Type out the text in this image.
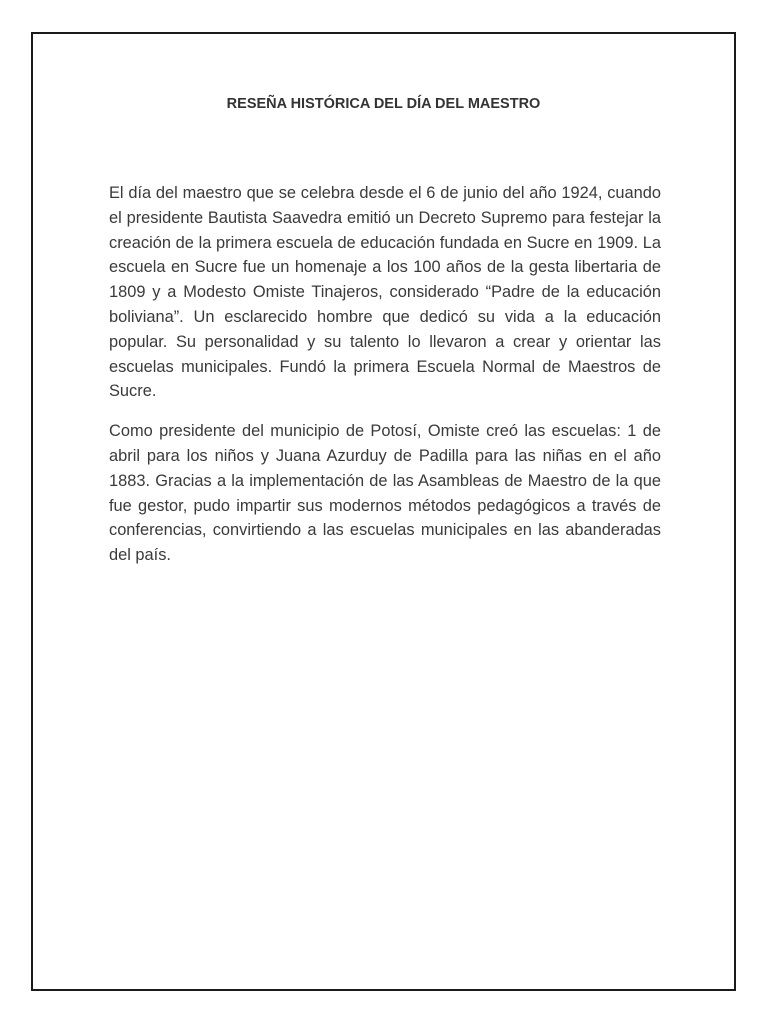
RESEÑA HISTÓRICA DEL DÍA DEL MAESTRO

El día del maestro que se celebra desde el 6 de junio del año 1924, cuando el presidente Bautista Saavedra emitió un Decreto Supremo para festejar la creación de la primera escuela de educación fundada en Sucre en 1909. La escuela en Sucre fue un homenaje a los 100 años de la gesta libertaria de 1809 y a Modesto Omiste Tinajeros, considerado “Padre de la educación boliviana”. Un esclarecido hombre que dedicó su vida a la educación popular. Su personalidad y su talento lo llevaron a crear y orientar las escuelas municipales. Fundó la primera Escuela Normal de Maestros de Sucre.

Como presidente del municipio de Potosí, Omiste creó las escuelas: 1 de abril para los niños y Juana Azurduy de Padilla para las niñas en el año 1883. Gracias a la implementación de las Asambleas de Maestro de la que fue gestor, pudo impartir sus modernos métodos pedagógicos a través de conferencias, convirtiendo a las escuelas municipales en las abanderadas del país.
